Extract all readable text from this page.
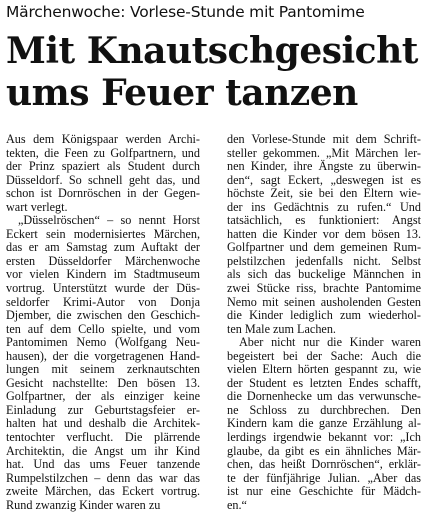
Märchenwoche: Vorlese-Stunde mit Pantomime
Mit Knautschgesicht
ums Feuer tanzen
Aus dem Königspaar werden Archi-
tekten, die Feen zu Golfpartnern, und
der Prinz spaziert als Student durch
Düsseldorf. So schnell geht das, und
schon ist Dornröschen in der Gegen-
wart verlegt.
„Düsselröschen“ – so nennt Horst
Eckert sein modernisiertes Märchen,
das er am Samstag zum Auftakt der
ersten Düsseldorfer Märchenwoche
vor vielen Kindern im Stadtmuseum
vortrug. Unterstützt wurde der Düs-
seldorfer Krimi-Autor von Donja
Djember, die zwischen den Geschich-
ten auf dem Cello spielte, und vom
Pantomimen Nemo (Wolfgang Neu-
hausen), der die vorgetragenen Hand-
lungen mit seinem zerknautschten
Gesicht nachstellte: Den bösen 13.
Golfpartner, der als einziger keine
Einladung zur Geburtstagsfeier er-
halten hat und deshalb die Architek-
tentochter verflucht. Die plärrende
Architektin, die Angst um ihr Kind
hat. Und das ums Feuer tanzende
Rumpelstilzchen – denn das war das
zweite Märchen, das Eckert vortrug.
Rund zwanzig Kinder waren zu
den Vorlese-Stunde mit dem Schrift-
steller gekommen. „Mit Märchen ler-
nen Kinder, ihre Ängste zu überwin-
den“, sagt Eckert, „deswegen ist es
höchste Zeit, sie bei den Eltern wie-
der ins Gedächtnis zu rufen.“ Und
tatsächlich, es funktioniert: Angst
hatten die Kinder vor dem bösen 13.
Golfpartner und dem gemeinen Rum-
pelstilzchen jedenfalls nicht. Selbst
als sich das buckelige Männchen in
zwei Stücke riss, brachte Pantomime
Nemo mit seinen ausholenden Gesten
die Kinder lediglich zum wiederhol-
ten Male zum Lachen.
Aber nicht nur die Kinder waren
begeistert bei der Sache: Auch die
vielen Eltern hörten gespannt zu, wie
der Student es letzten Endes schafft,
die Dornenhecke um das verwunsche-
ne Schloss zu durchbrechen. Den
Kindern kam die ganze Erzählung al-
lerdings irgendwie bekannt vor: „Ich
glaube, da gibt es ein ähnliches Mär-
chen, das heißt Dornröschen“, erklär-
te der fünfjährige Julian. „Aber das
ist nur eine Geschichte für Mädch-
en.“
